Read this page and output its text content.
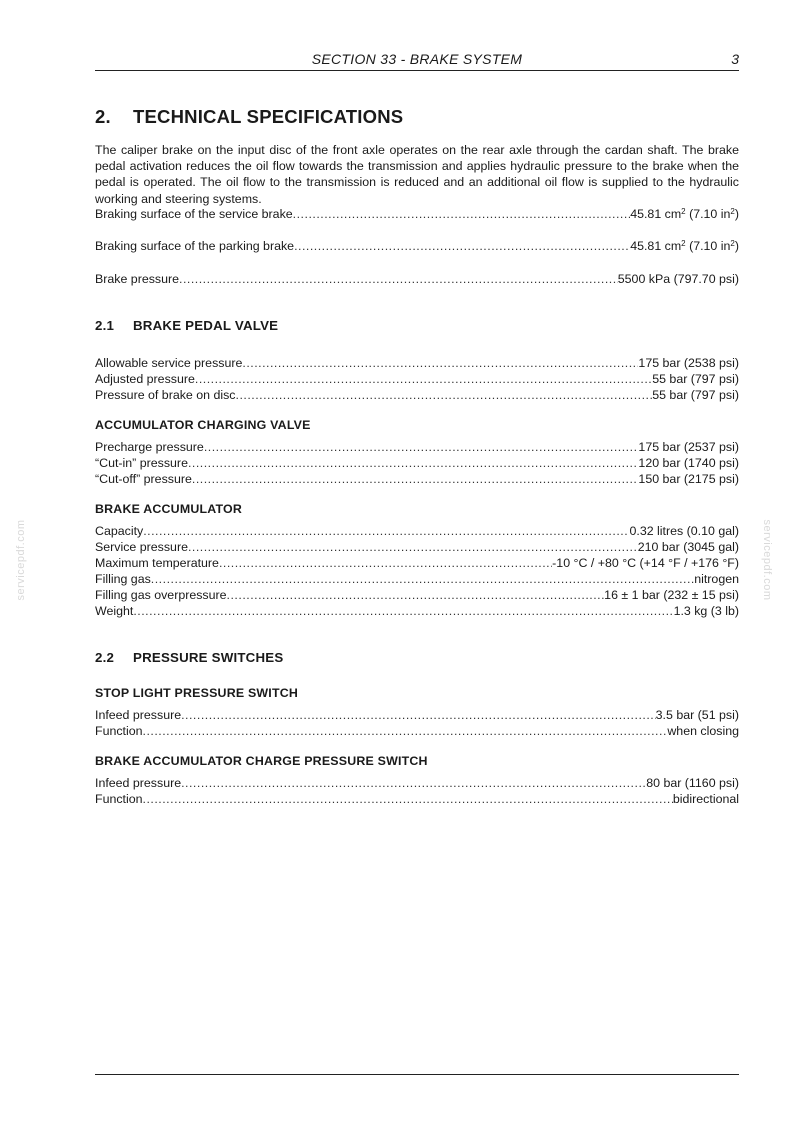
SECTION 33 - BRAKE SYSTEM	3
2. TECHNICAL SPECIFICATIONS
The caliper brake on the input disc of the front axle operates on the rear axle through the cardan shaft. The brake pedal activation reduces the oil flow towards the transmission and applies hydraulic pressure to the brake when the pedal is operated. The oil flow to the transmission is reduced and an additional oil flow is supplied to the hydraulic working and steering systems.
Braking surface of the service brake .....	45.81 $cm^2$ (7.10 $in^2$)
Braking surface of the parking brake .....	45.81 $cm^2$ (7.10 $in^2$)
Brake pressure .....	5500 kPa (797.70 psi)
2.1 BRAKE PEDAL VALVE
Allowable service pressure .....	175 bar (2538 psi)
Adjusted pressure .....	55 bar (797 psi)
Pressure of brake on disc .....	55 bar (797 psi)
ACCUMULATOR CHARGING VALVE
Precharge pressure .....	175 bar (2537 psi)
“Cut-in” pressure .....	120 bar (1740 psi)
“Cut-off” pressure .....	150 bar (2175 psi)
BRAKE ACCUMULATOR
Capacity .....	0.32 litres (0.10 gal)
Service pressure .....	210 bar (3045 gal)
Maximum temperature .....	-10 °C / +80 °C (+14 °F / +176 °F)
Filling gas .....	nitrogen
Filling gas overpressure .....	16 ± 1 bar (232 ± 15 psi)
Weight .....	1.3 kg (3 lb)
2.2 PRESSURE SWITCHES
STOP LIGHT PRESSURE SWITCH
Infeed pressure .....	3.5 bar (51 psi)
Function .....	when closing
BRAKE ACCUMULATOR CHARGE PRESSURE SWITCH
Infeed pressure .....	80 bar (1160 psi)
Function .....	bidirectional
servicepdf.com	servicepdf.com
